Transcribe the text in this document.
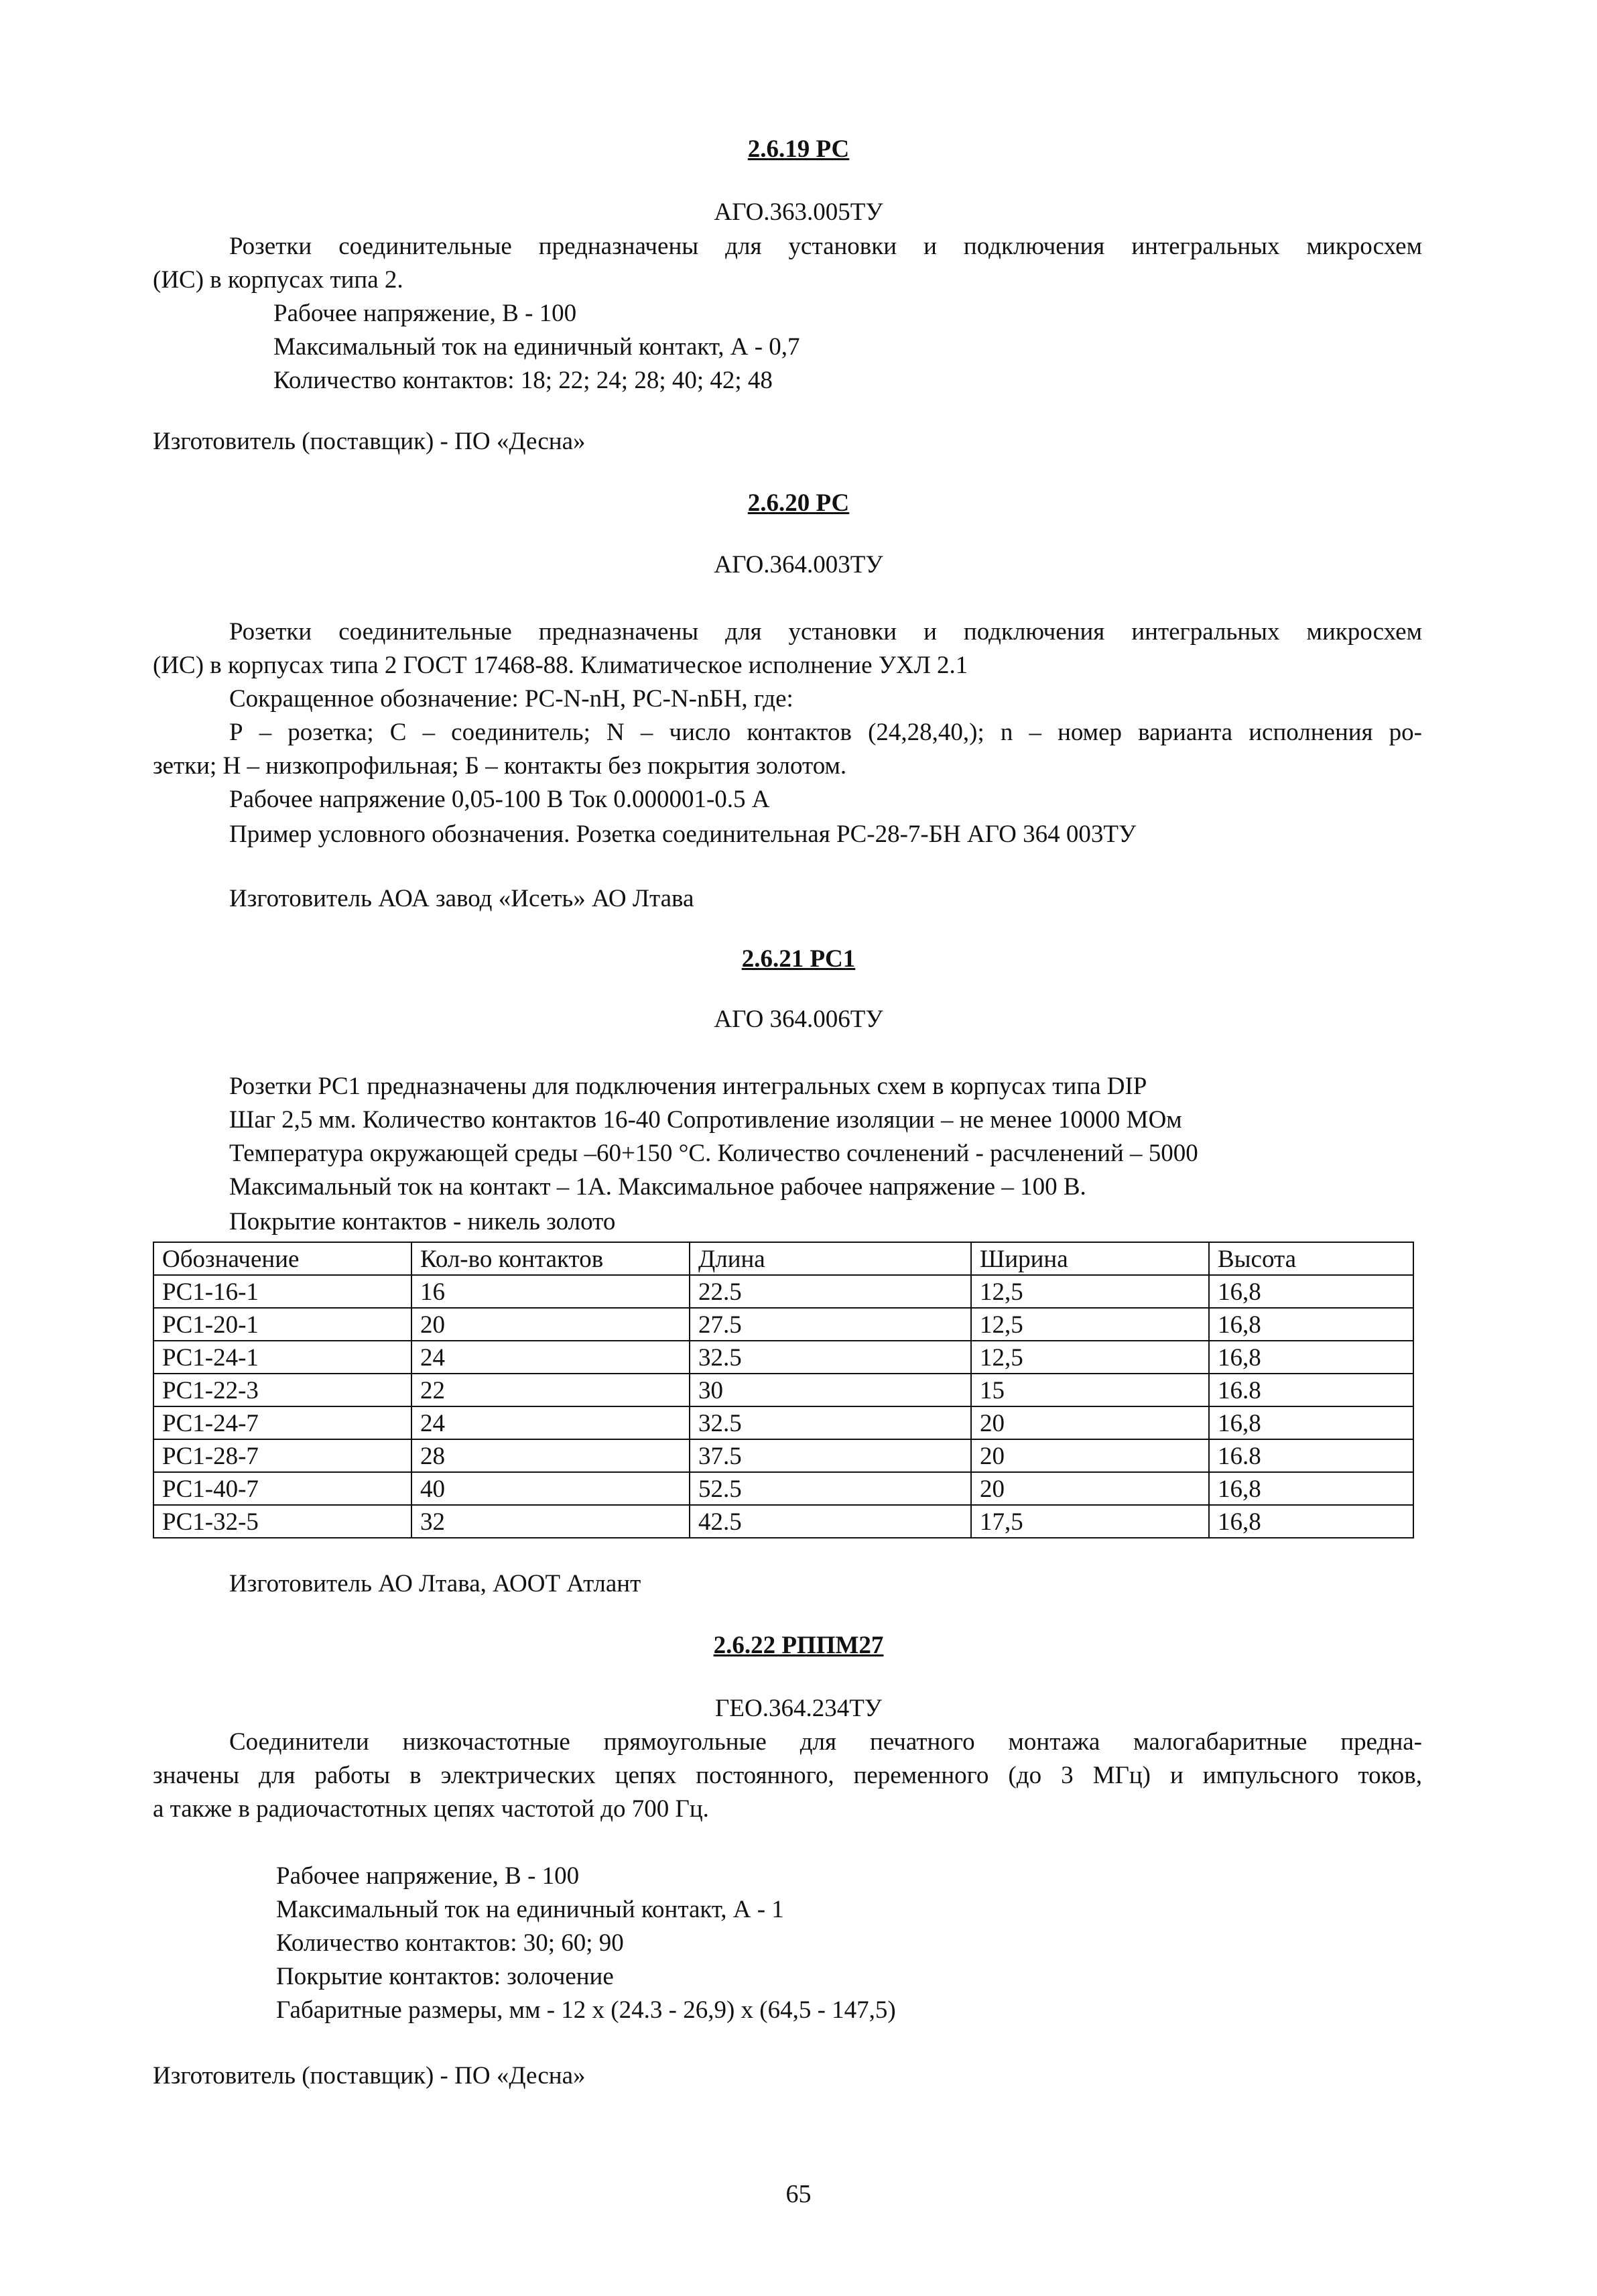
2.6.19 РС
АГО.363.005ТУ
Розетки соединительные предназначены для установки и подключения интегральных микросхем
(ИС) в корпусах типа 2.
Рабочее напряжение, В - 100
Максимальный ток на единичный контакт, А - 0,7
Количество контактов: 18; 22; 24; 28; 40; 42; 48
Изготовитель (поставщик) - ПО «Десна»
2.6.20 РС
АГО.364.003ТУ
Розетки соединительные предназначены для установки и подключения интегральных микросхем
(ИС) в корпусах типа 2 ГОСТ 17468-88. Климатическое исполнение УХЛ 2.1
Сокращенное обозначение: PC-N-nH, PC-N-nБН, где:
Р – розетка; С – соединитель; N – число контактов (24,28,40,); n – номер варианта исполнения ро-
зетки; Н – низкопрофильная; Б – контакты без покрытия золотом.
Рабочее напряжение 0,05-100 В Ток 0.000001-0.5 А
Пример условного обозначения. Розетка соединительная PC-28-7-БН АГО 364 003ТУ
Изготовитель АОА завод «Исеть» АО Лтава
2.6.21 PC1
АГО 364.006ТУ
Розетки PC1 предназначены для подключения интегральных схем в корпусах типа DIP
Шаг 2,5 мм. Количество контактов 16-40 Сопротивление изоляции – не менее 10000 МОм
Температура окружающей среды –60+150 °С. Количество сочленений - расчленений – 5000
Максимальный ток на контакт – 1А. Максимальное рабочее напряжение – 100 В.
Покрытие контактов - никель золото
Обозначение	Кол-во контактов	Длина	Ширина	Высота
PC1-16-1	16	22.5	12,5	16,8
PC1-20-1	20	27.5	12,5	16,8
PC1-24-1	24	32.5	12,5	16,8
PC1-22-3	22	30	15	16.8
PC1-24-7	24	32.5	20	16,8
PC1-28-7	28	37.5	20	16.8
PC1-40-7	40	52.5	20	16,8
PC1-32-5	32	42.5	17,5	16,8
Изготовитель АО Лтава, АООТ Атлант
2.6.22 РППМ27
ГЕО.364.234ТУ
Соединители низкочастотные прямоугольные для печатного монтажа малогабаритные предна-
значены для работы в электрических цепях постоянного, переменного (до 3 МГц) и импульсного токов,
а также в радиочастотных цепях частотой до 700 Гц.
Рабочее напряжение, В - 100
Максимальный ток на единичный контакт, А - 1
Количество контактов: 30; 60; 90
Покрытие контактов: золочение
Габаритные размеры, мм - 12 х (24.3 - 26,9) х (64,5 - 147,5)
Изготовитель (поставщик) - ПО «Десна»
65
